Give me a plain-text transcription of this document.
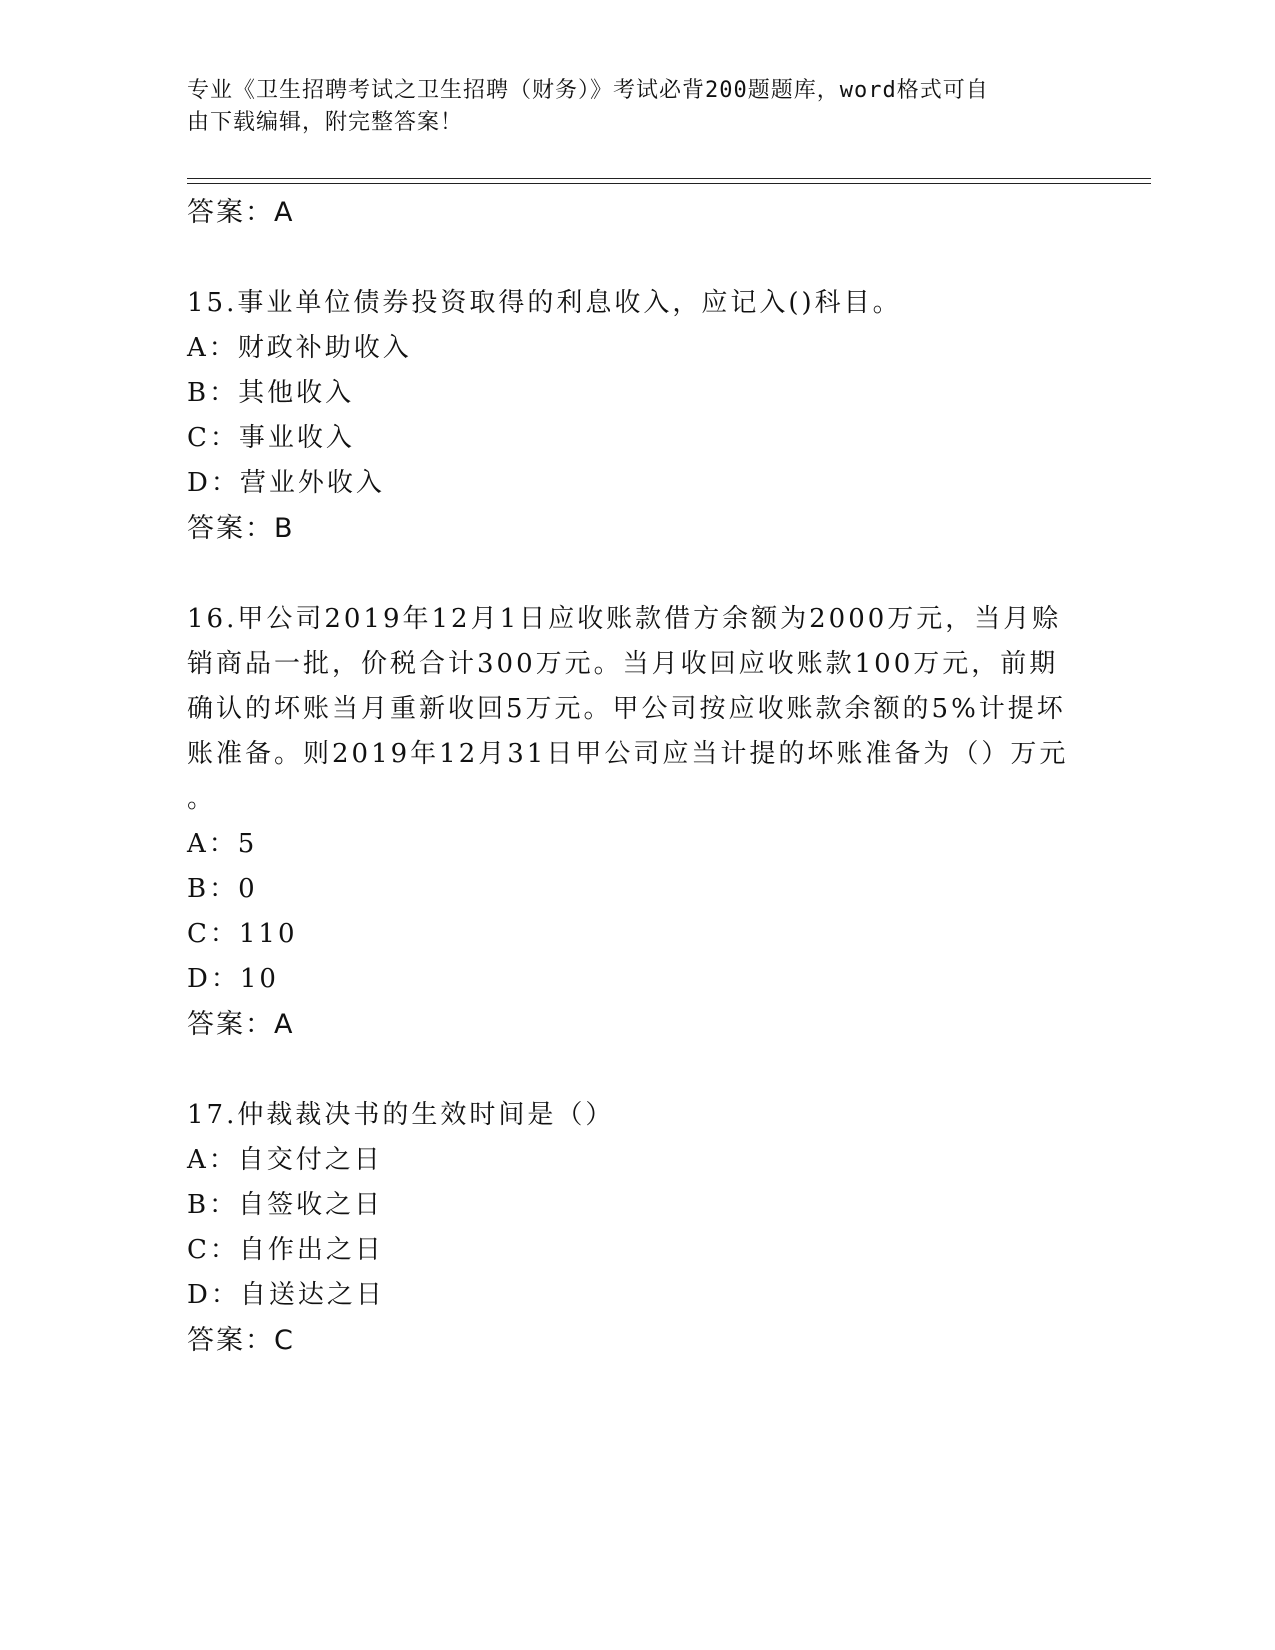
专业《卫生招聘考试之卫生招聘（财务）》考试必背200题题库，word格式可自
由下载编辑，附完整答案！
答案：A
15.事业单位债券投资取得的利息收入，应记入()科目。
A：财政补助收入
B：其他收入
C：事业收入
D：营业外收入
答案：B
16.甲公司2019年12月1日应收账款借方余额为2000万元，当月赊
销商品一批，价税合计300万元。当月收回应收账款100万元，前期
确认的坏账当月重新收回5万元。甲公司按应收账款余额的5%计提坏
账准备。则2019年12月31日甲公司应当计提的坏账准备为（）万元
。
A：5
B：0
C：110
D：10
答案：A
17.仲裁裁决书的生效时间是（）
A：自交付之日
B：自签收之日
C：自作出之日
D：自送达之日
答案：C
